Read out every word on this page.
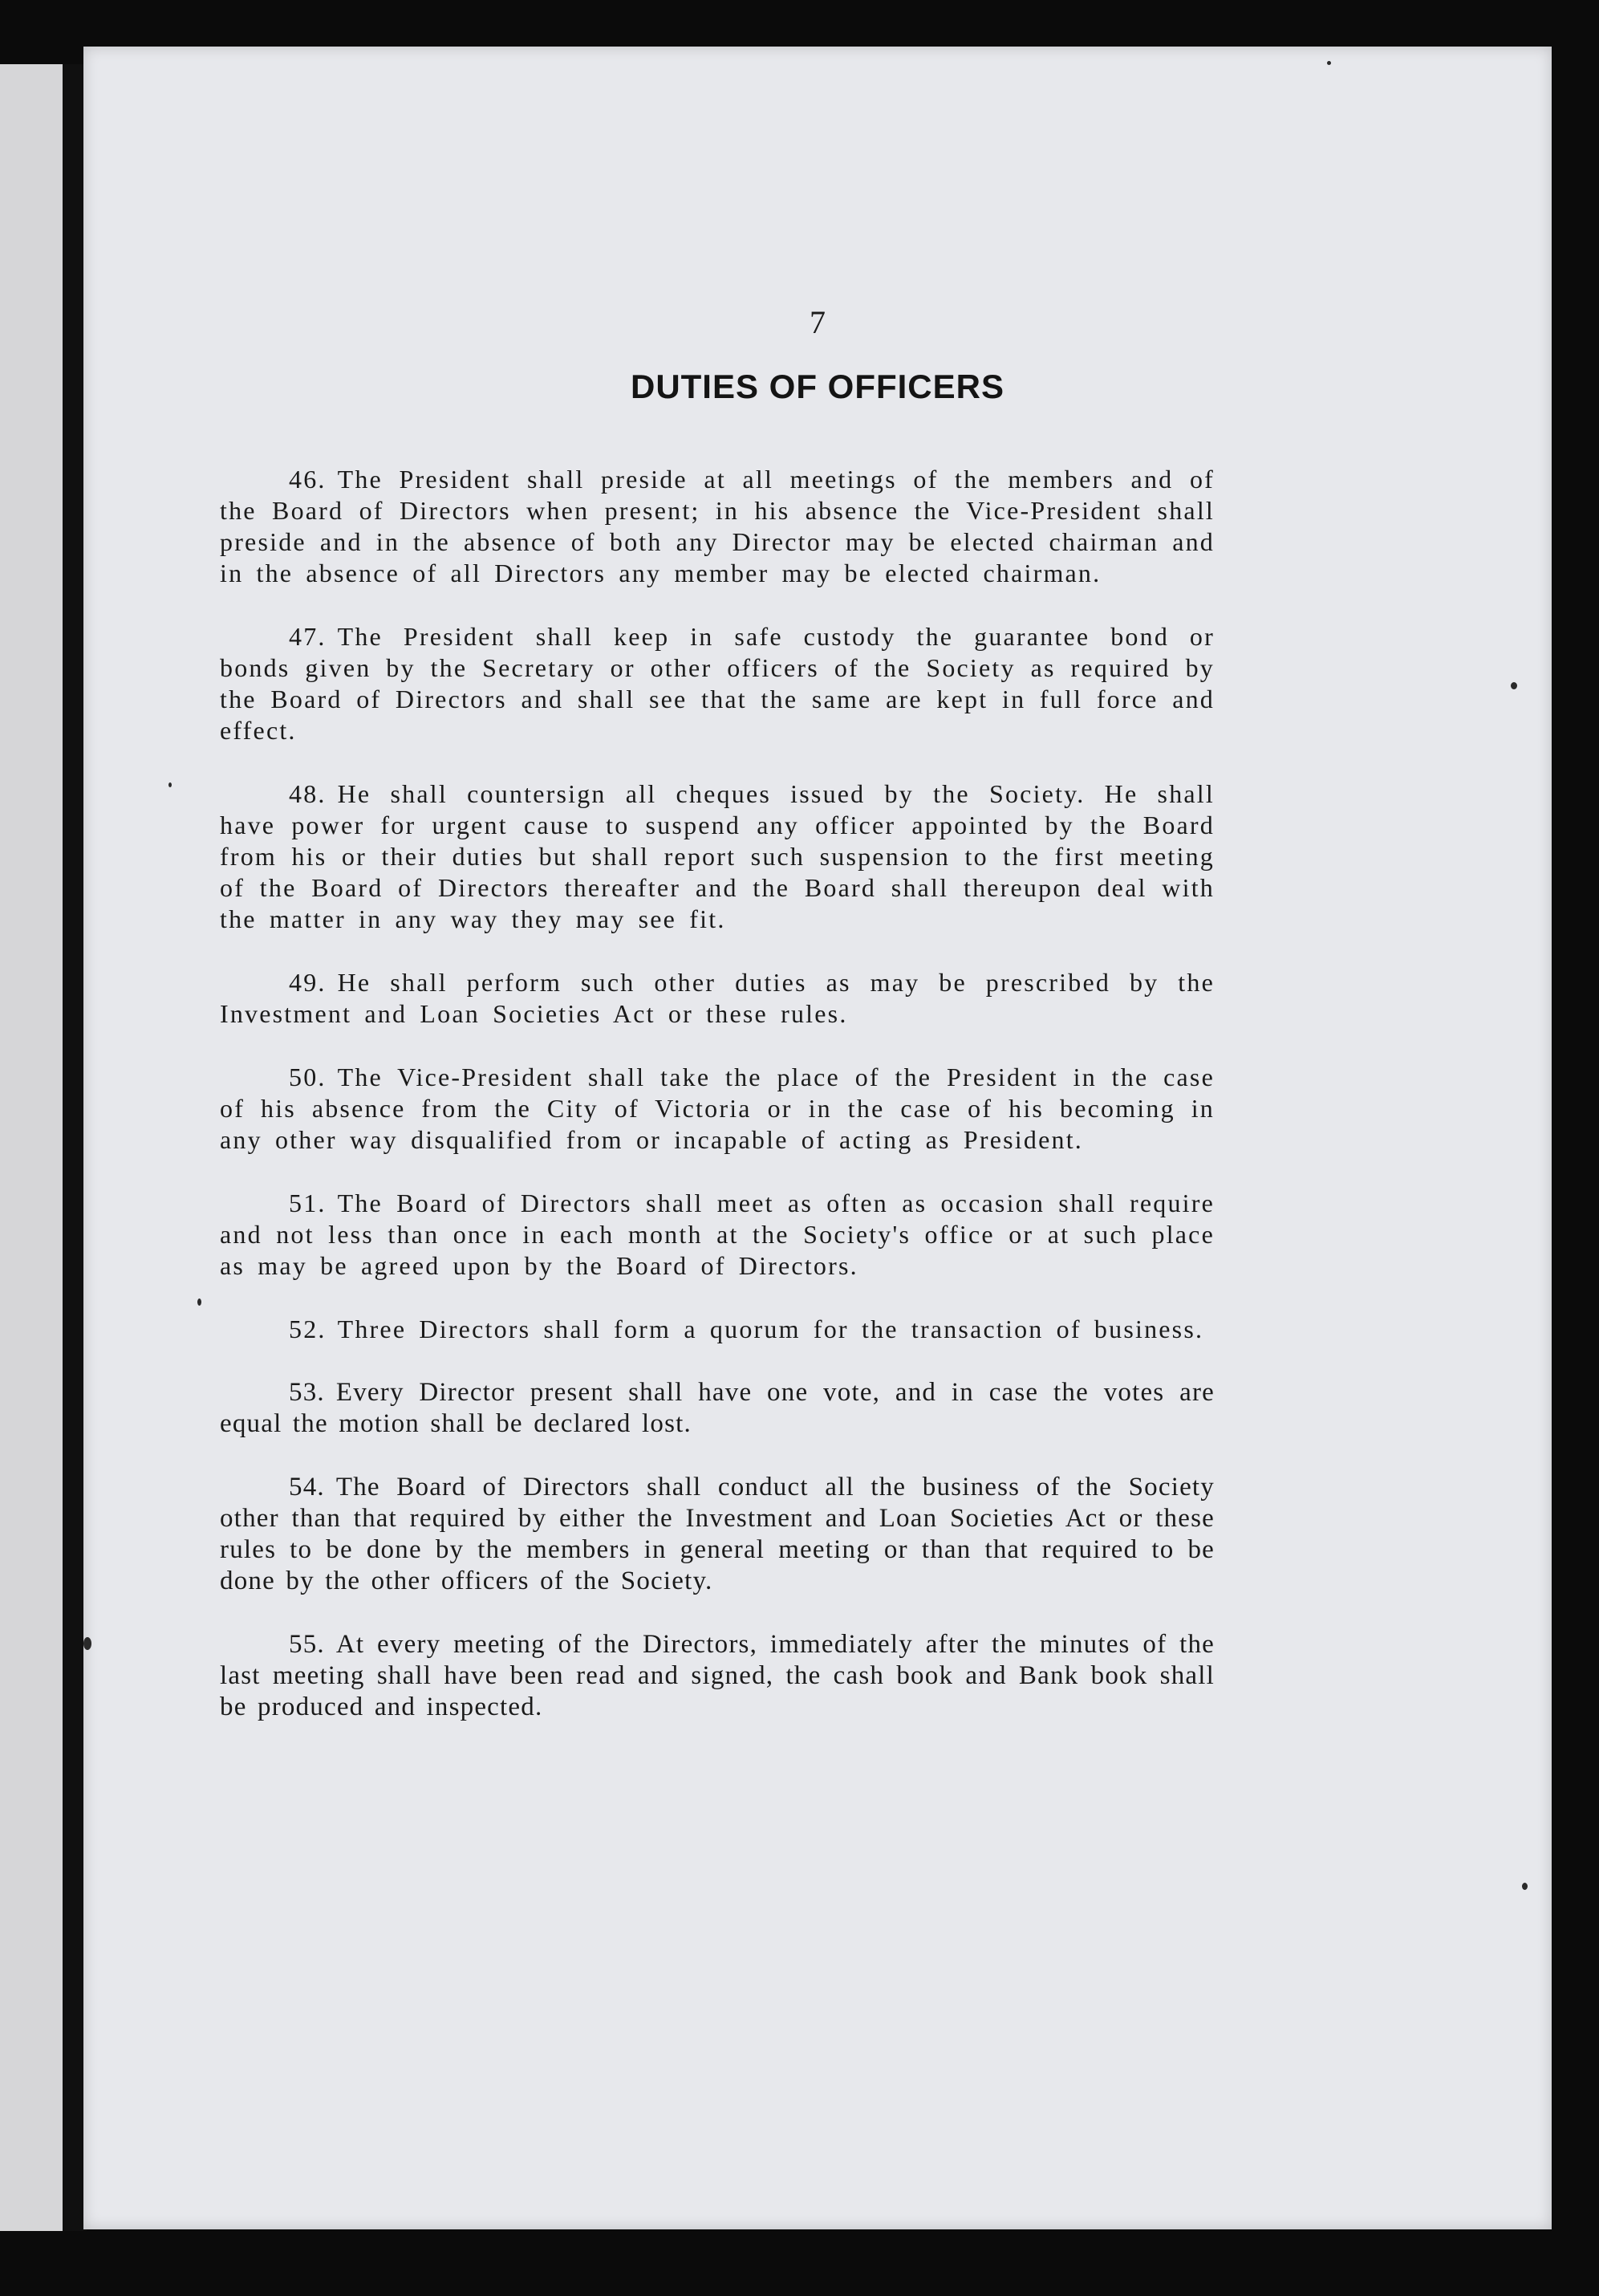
7
DUTIES OF OFFICERS

46. The President shall preside at all meetings of the members and of the Board of Directors when present; in his absence the Vice-President shall preside and in the absence of both any Director may be elected chairman and in the absence of all Directors any member may be elected chairman.

47. The President shall keep in safe custody the guarantee bond or bonds given by the Secretary or other officers of the Society as required by the Board of Directors and shall see that the same are kept in full force and effect.

48. He shall countersign all cheques issued by the Society. He shall have power for urgent cause to suspend any officer appointed by the Board from his or their duties but shall report such suspension to the first meeting of the Board of Directors thereafter and the Board shall thereupon deal with the matter in any way they may see fit.

49. He shall perform such other duties as may be prescribed by the Investment and Loan Societies Act or these rules.

50. The Vice-President shall take the place of the President in the case of his absence from the City of Victoria or in the case of his becoming in any other way disqualified from or incapable of acting as President.

51. The Board of Directors shall meet as often as occasion shall require and not less than once in each month at the Society's office or at such place as may be agreed upon by the Board of Directors.

52. Three Directors shall form a quorum for the transaction of business.

53. Every Director present shall have one vote, and in case the votes are equal the motion shall be declared lost.

54. The Board of Directors shall conduct all the business of the Society other than that required by either the Investment and Loan Societies Act or these rules to be done by the members in general meeting or than that required to be done by the other officers of the Society.

55. At every meeting of the Directors, immediately after the minutes of the last meeting shall have been read and signed, the cash book and Bank book shall be produced and inspected.
